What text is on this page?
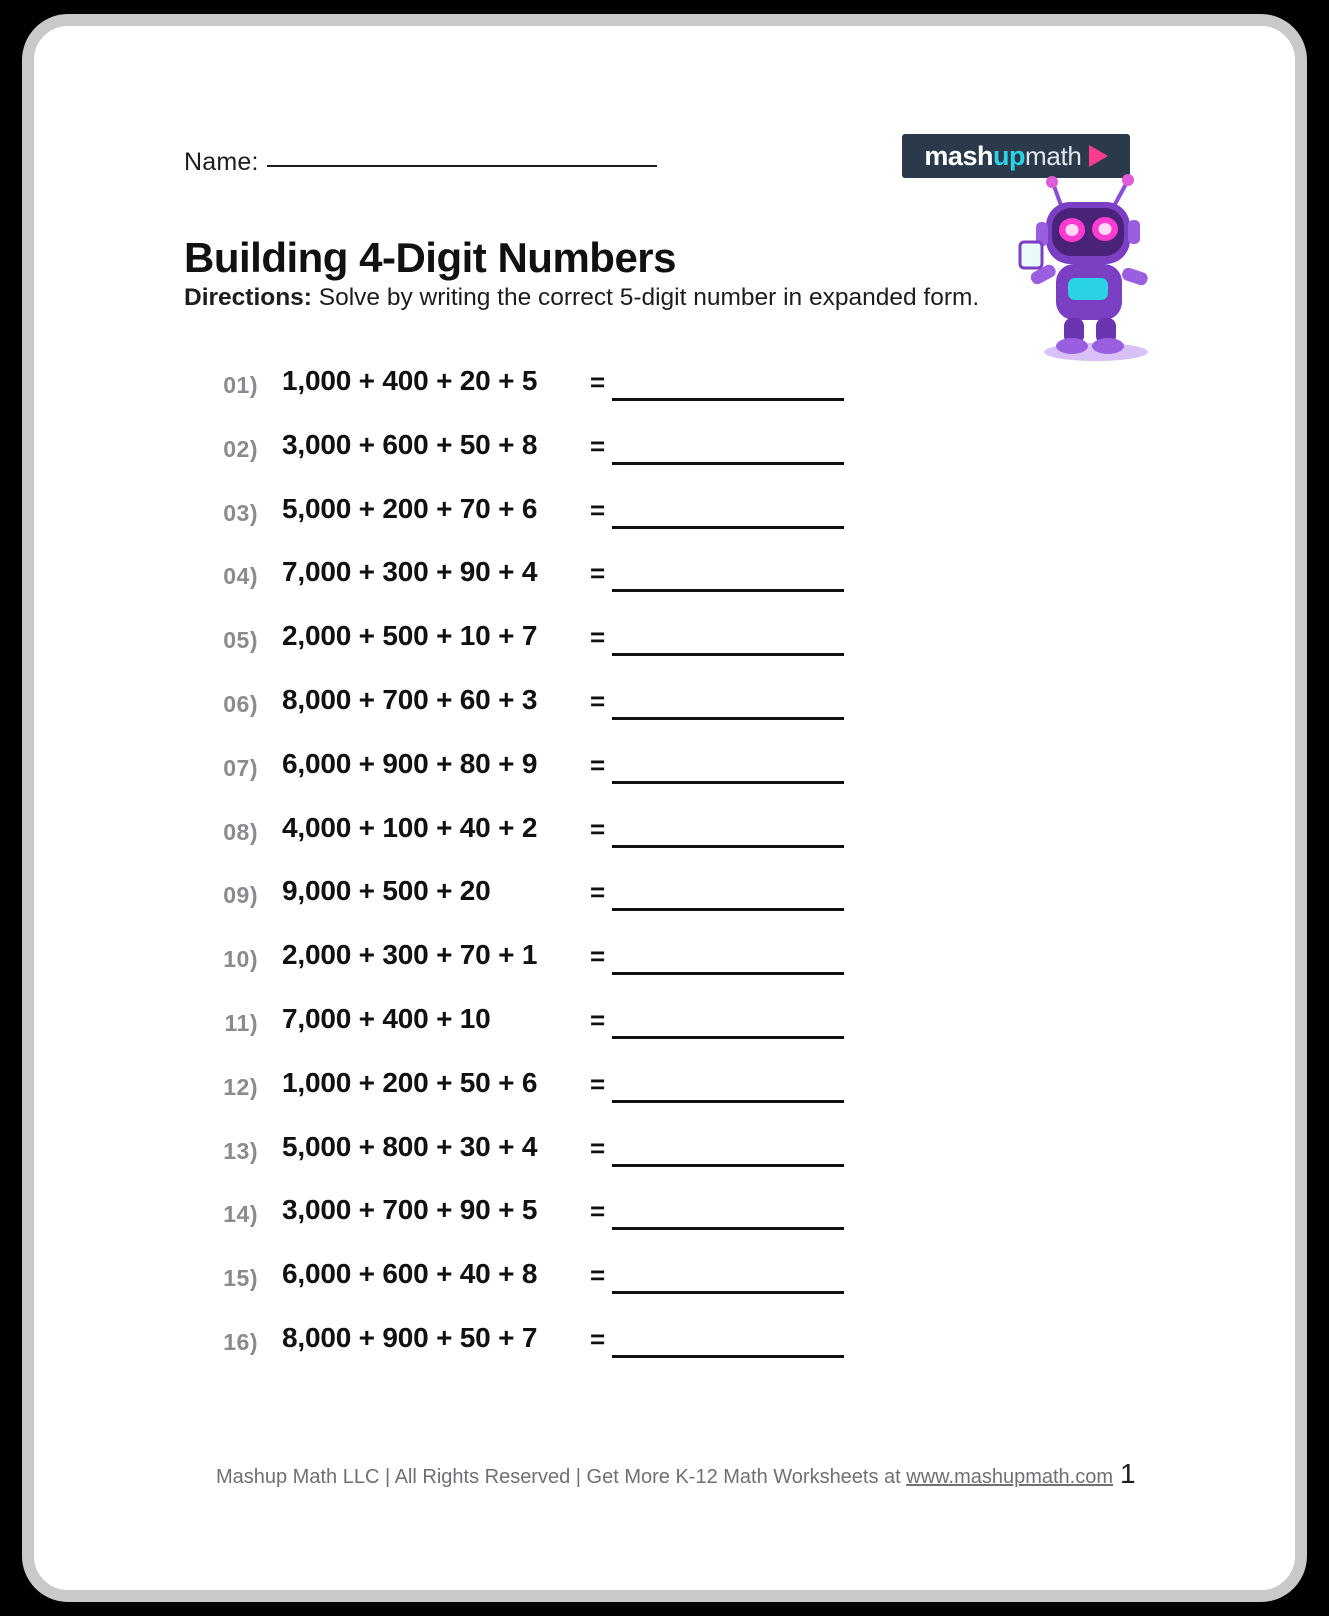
Name:
Building 4-Digit Numbers
Directions: Solve by writing the correct 5-digit number in expanded form.
mashup math
01) 1,000 + 400 + 20 + 5 =
02) 3,000 + 600 + 50 + 8 =
03) 5,000 + 200 + 70 + 6 =
04) 7,000 + 300 + 90 + 4 =
05) 2,000 + 500 + 10 + 7 =
06) 8,000 + 700 + 60 + 3 =
07) 6,000 + 900 + 80 + 9 =
08) 4,000 + 100 + 40 + 2 =
09) 9,000 + 500 + 20	=
10) 2,000 + 300 + 70 + 1 =
11) 7,000 + 400 + 10	=
12) 1,000 + 200 + 50 + 6 =
13) 5,000 + 800 + 30 + 4 =
14) 3,000 + 700 + 90 + 5 =
15) 6,000 + 600 + 40 + 8 =
16) 8,000 + 900 + 50 + 7 =
Mashup Math LLC | All Rights Reserved | Get More K-12 Math Worksheets at www.mashupmath.com 1
